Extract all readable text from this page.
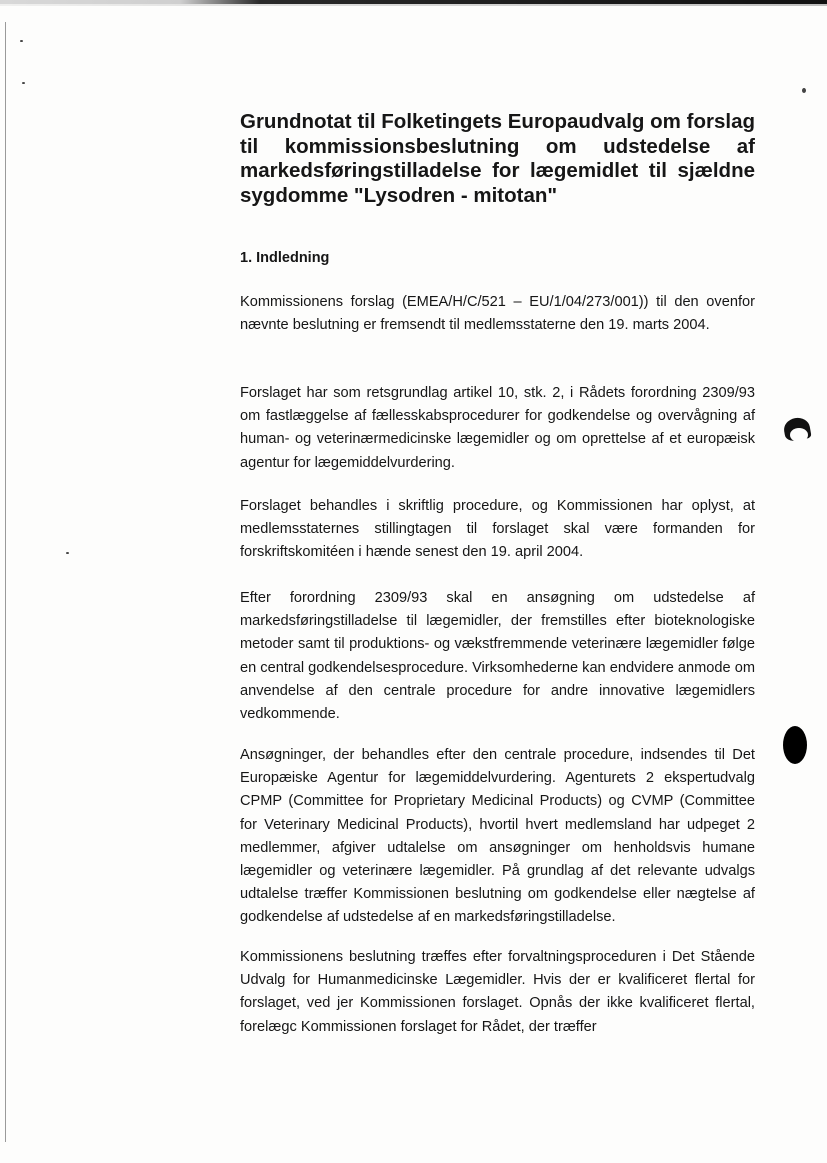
Grundnotat til Folketingets Europaudvalg om forslag til kommissionsbeslutning om udstedelse af markedsføringstilladelse for lægemidlet til sjældne sygdomme "Lysodren - mitotan"
1. Indledning

Kommissionens forslag (EMEA/H/C/521 – EU/1/04/273/001)) til den ovenfor nævnte beslutning er fremsendt til medlemsstaterne den 19. marts 2004.

Forslaget har som retsgrundlag artikel 10, stk. 2, i Rådets forordning 2309/93 om fastlæggelse af fællesskabsprocedurer for godkendelse og overvågning af human- og veterinærmedicinske lægemidler og om oprettelse af et europæisk agentur for lægemiddelvurdering.

Forslaget behandles i skriftlig procedure, og Kommissionen har oplyst, at medlemsstaternes stillingtagen til forslaget skal være formanden for forskriftskomitéen i hænde senest den 19. april 2004.

Efter forordning 2309/93 skal en ansøgning om udstedelse af markedsføringstilladelse til lægemidler, der fremstilles efter bioteknologiske metoder samt til produktions- og vækstfremmende veterinære lægemidler følge en central godkendelsesprocedure. Virksomhederne kan endvidere anmode om anvendelse af den centrale procedure for andre innovative lægemidlers vedkommende.

Ansøgninger, der behandles efter den centrale procedure, indsendes til Det Europæiske Agentur for lægemiddelvurdering. Agenturets 2 ekspertudvalg CPMP (Committee for Proprietary Medicinal Products) og CVMP (Committee for Veterinary Medicinal Products), hvortil hvert medlemsland har udpeget 2 medlemmer, afgiver udtalelse om ansøgninger om henholdsvis humane lægemidler og veterinære lægemidler. På grundlag af det relevante udvalgs udtalelse træffer Kommissionen beslutning om godkendelse eller nægtelse af godkendelse af udstedelse af en markedsføringstilladelse.

Kommissionens beslutning træffes efter forvaltningsproceduren i Det Stående Udvalg for Humanmedicinske Lægemidler. Hvis der er kvalificeret flertal for forslaget, ved jer Kommissionen forslaget. Opnås der ikke kvalificeret flertal, forelægc Kommissionen forslaget for Rådet, der træffer
